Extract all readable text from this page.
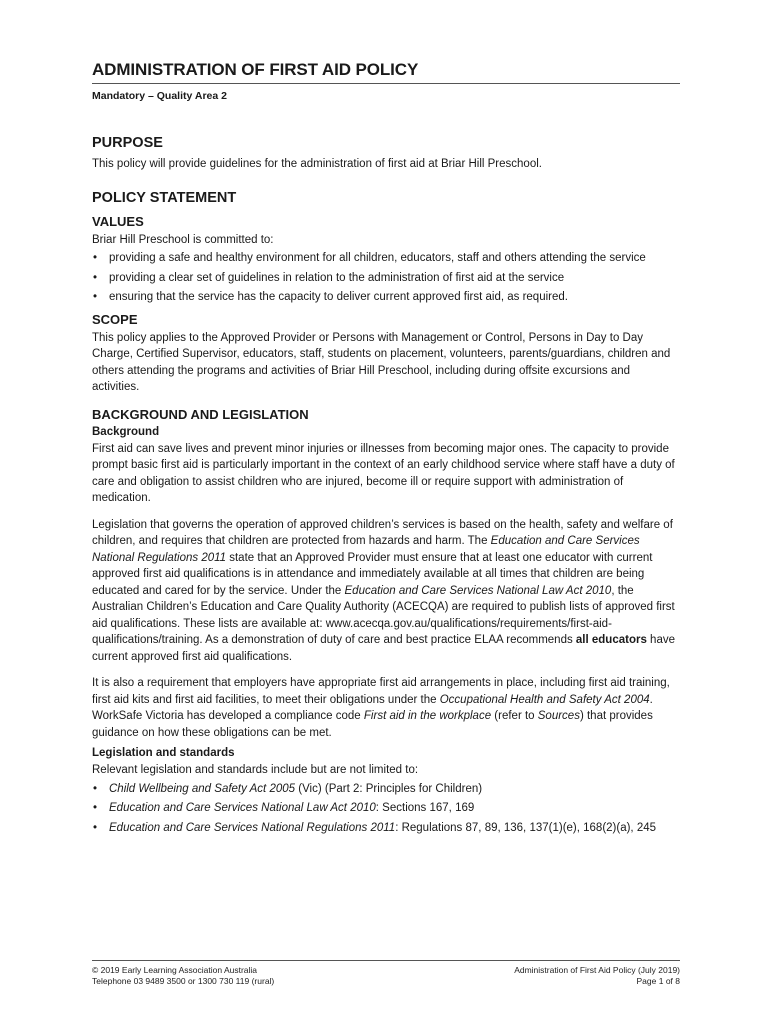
ADMINISTRATION OF FIRST AID POLICY
Mandatory – Quality Area 2
PURPOSE

This policy will provide guidelines for the administration of first aid at Briar Hill Preschool.

POLICY STATEMENT
VALUES

Briar Hill Preschool is committed to:

• providing a safe and healthy environment for all children, educators, staff and others attending the service
• providing a clear set of guidelines in relation to the administration of first aid at the service
• ensuring that the service has the capacity to deliver current approved first aid, as required.
SCOPE

This policy applies to the Approved Provider or Persons with Management or Control, Persons in Day to Day Charge, Certified Supervisor, educators, staff, students on placement, volunteers, parents/guardians, children and others attending the programs and activities of Briar Hill Preschool, including during offsite excursions and activities.

BACKGROUND AND LEGISLATION
Background

First aid can save lives and prevent minor injuries or illnesses from becoming major ones. The capacity to provide prompt basic first aid is particularly important in the context of an early childhood service where staff have a duty of care and obligation to assist children who are injured, become ill or require support with administration of medication.

Legislation that governs the operation of approved children’s services is based on the health, safety and welfare of children, and requires that children are protected from hazards and harm. The Education and Care Services National Regulations 2011 state that an Approved Provider must ensure that at least one educator with current approved first aid qualifications is in attendance and immediately available at all times that children are being educated and cared for by the service. Under the Education and Care Services National Law Act 2010, the Australian Children’s Education and Care Quality Authority (ACECQA) are required to publish lists of approved first aid qualifications. These lists are available at: www.acecqa.gov.au/qualifications/requirements/first-aid-qualifications/training. As a demonstration of duty of care and best practice ELAA recommends all educators have current approved first aid qualifications.

It is also a requirement that employers have appropriate first aid arrangements in place, including first aid training, first aid kits and first aid facilities, to meet their obligations under the Occupational Health and Safety Act 2004. WorkSafe Victoria has developed a compliance code First aid in the workplace (refer to Sources) that provides guidance on how these obligations can be met.

Legislation and standards

Relevant legislation and standards include but are not limited to:

• Child Wellbeing and Safety Act 2005 (Vic) (Part 2: Principles for Children)
• Education and Care Services National Law Act 2010: Sections 167, 169
• Education and Care Services National Regulations 2011: Regulations 87, 89, 136, 137(1)(e), 168(2)(a), 245
© 2019 Early Learning Association Australia
Telephone 03 9489 3500 or 1300 730 119 (rural)
Administration of First Aid Policy (July 2019)
Page 1 of 8
